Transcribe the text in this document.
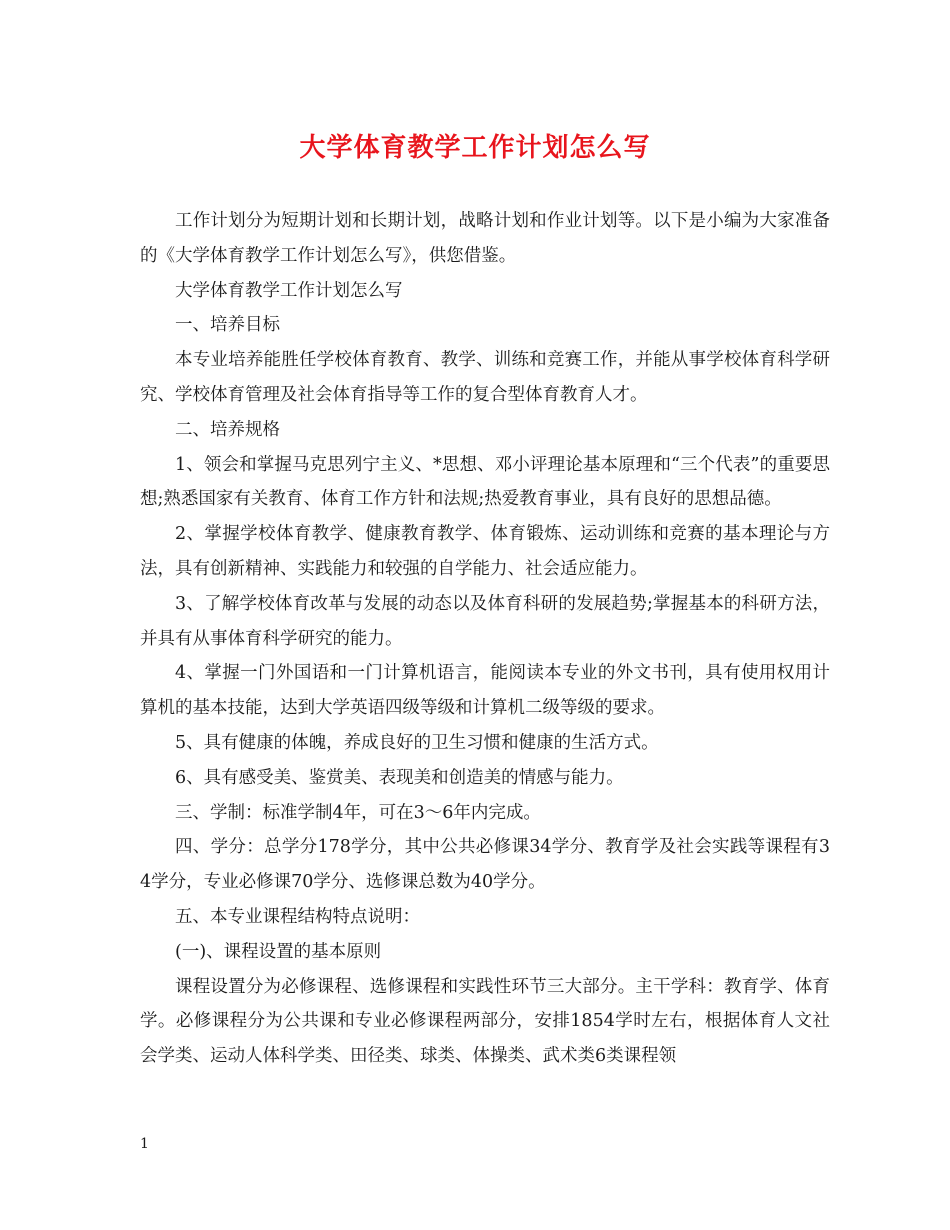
大学体育教学工作计划怎么写

工作计划分为短期计划和长期计划，战略计划和作业计划等。以下是小编为大家准备的《大学体育教学工作计划怎么写》，供您借鉴。

大学体育教学工作计划怎么写

一、培养目标

本专业培养能胜任学校体育教育、教学、训练和竞赛工作，并能从事学校体育科学研究、学校体育管理及社会体育指导等工作的复合型体育教育人才。

二、培养规格

1、领会和掌握马克思列宁主义、*思想、邓小评理论基本原理和“三个代表”的重要思想;熟悉国家有关教育、体育工作方针和法规;热爱教育事业，具有良好的思想品德。

2、掌握学校体育教学、健康教育教学、体育锻炼、运动训练和竞赛的基本理论与方法，具有创新精神、实践能力和较强的自学能力、社会适应能力。

3、了解学校体育改革与发展的动态以及体育科研的发展趋势;掌握基本的科研方法，并具有从事体育科学研究的能力。

4、掌握一门外国语和一门计算机语言，能阅读本专业的外文书刊，具有使用权用计算机的基本技能，达到大学英语四级等级和计算机二级等级的要求。

5、具有健康的体魄，养成良好的卫生习惯和健康的生活方式。

6、具有感受美、鉴赏美、表现美和创造美的情感与能力。

三、学制：标准学制4年，可在3～6年内完成。

四、学分：总学分178学分，其中公共必修课34学分、教育学及社会实践等课程有34学分，专业必修课70学分、选修课总数为40学分。

五、本专业课程结构特点说明：

(一)、课程设置的基本原则

课程设置分为必修课程、选修课程和实践性环节三大部分。主干学科：教育学、体育学。必修课程分为公共课和专业必修课程两部分，安排1854学时左右，根据体育人文社会学类、运动人体科学类、田径类、球类、体操类、武术类6类课程领

1
